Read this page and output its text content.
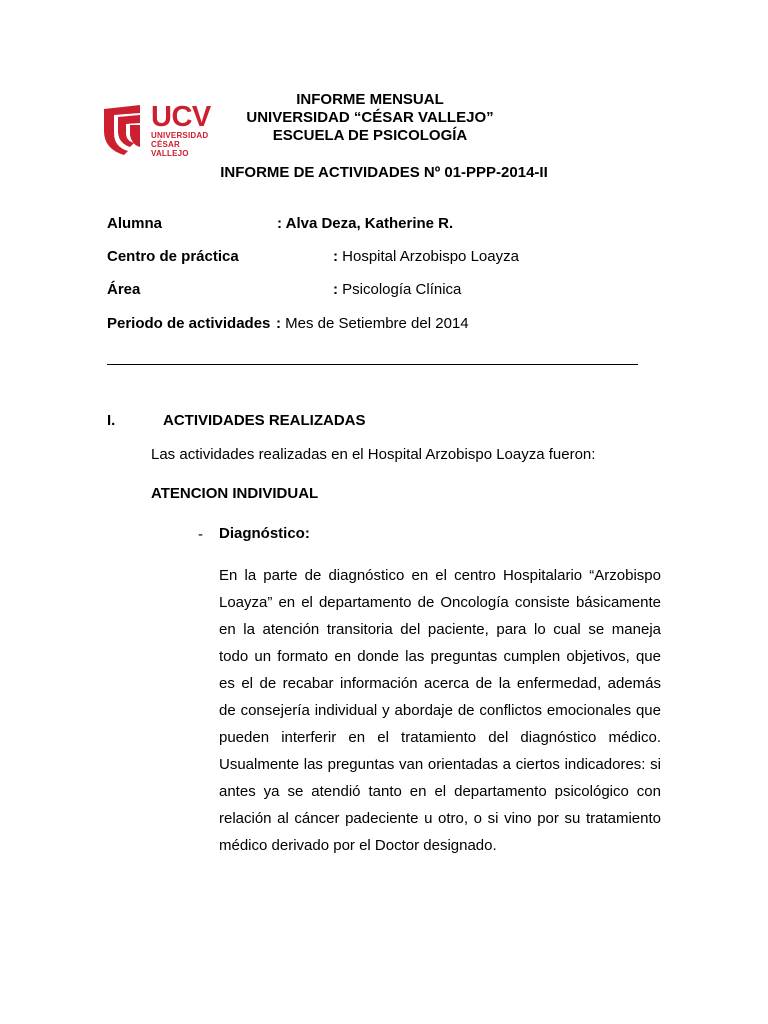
UCV
UNIVERSIDAD
CÉSAR VALLEJO
INFORME MENSUAL
UNIVERSIDAD “CÉSAR VALLEJO”
ESCUELA DE PSICOLOGÍA
INFORME DE ACTIVIDADES Nº 01-PPP-2014-II
Alumna	: Alva Deza, Katherine R.
Centro de práctica	: Hospital Arzobispo Loayza
Área	: Psicología Clínica
Periodo de actividades : Mes de Setiembre del 2014
I.	ACTIVIDADES REALIZADAS
Las actividades realizadas en el Hospital Arzobispo Loayza fueron:
ATENCION INDIVIDUAL
- Diagnóstico:
En la parte de diagnóstico en el centro Hospitalario “Arzobispo
Loayza” en el departamento de Oncología consiste básicamente
en la atención transitoria del paciente, para lo cual se maneja
todo un formato en donde las preguntas cumplen objetivos, que
es el de recabar información acerca de la enfermedad, además
de consejería individual y abordaje de conflictos emocionales que
pueden interferir en el tratamiento del diagnóstico médico.
Usualmente las preguntas van orientadas a ciertos indicadores: si
antes ya se atendió tanto en el departamento psicológico con
relación al cáncer padeciente u otro, o si vino por su tratamiento
médico derivado por el Doctor designado.
